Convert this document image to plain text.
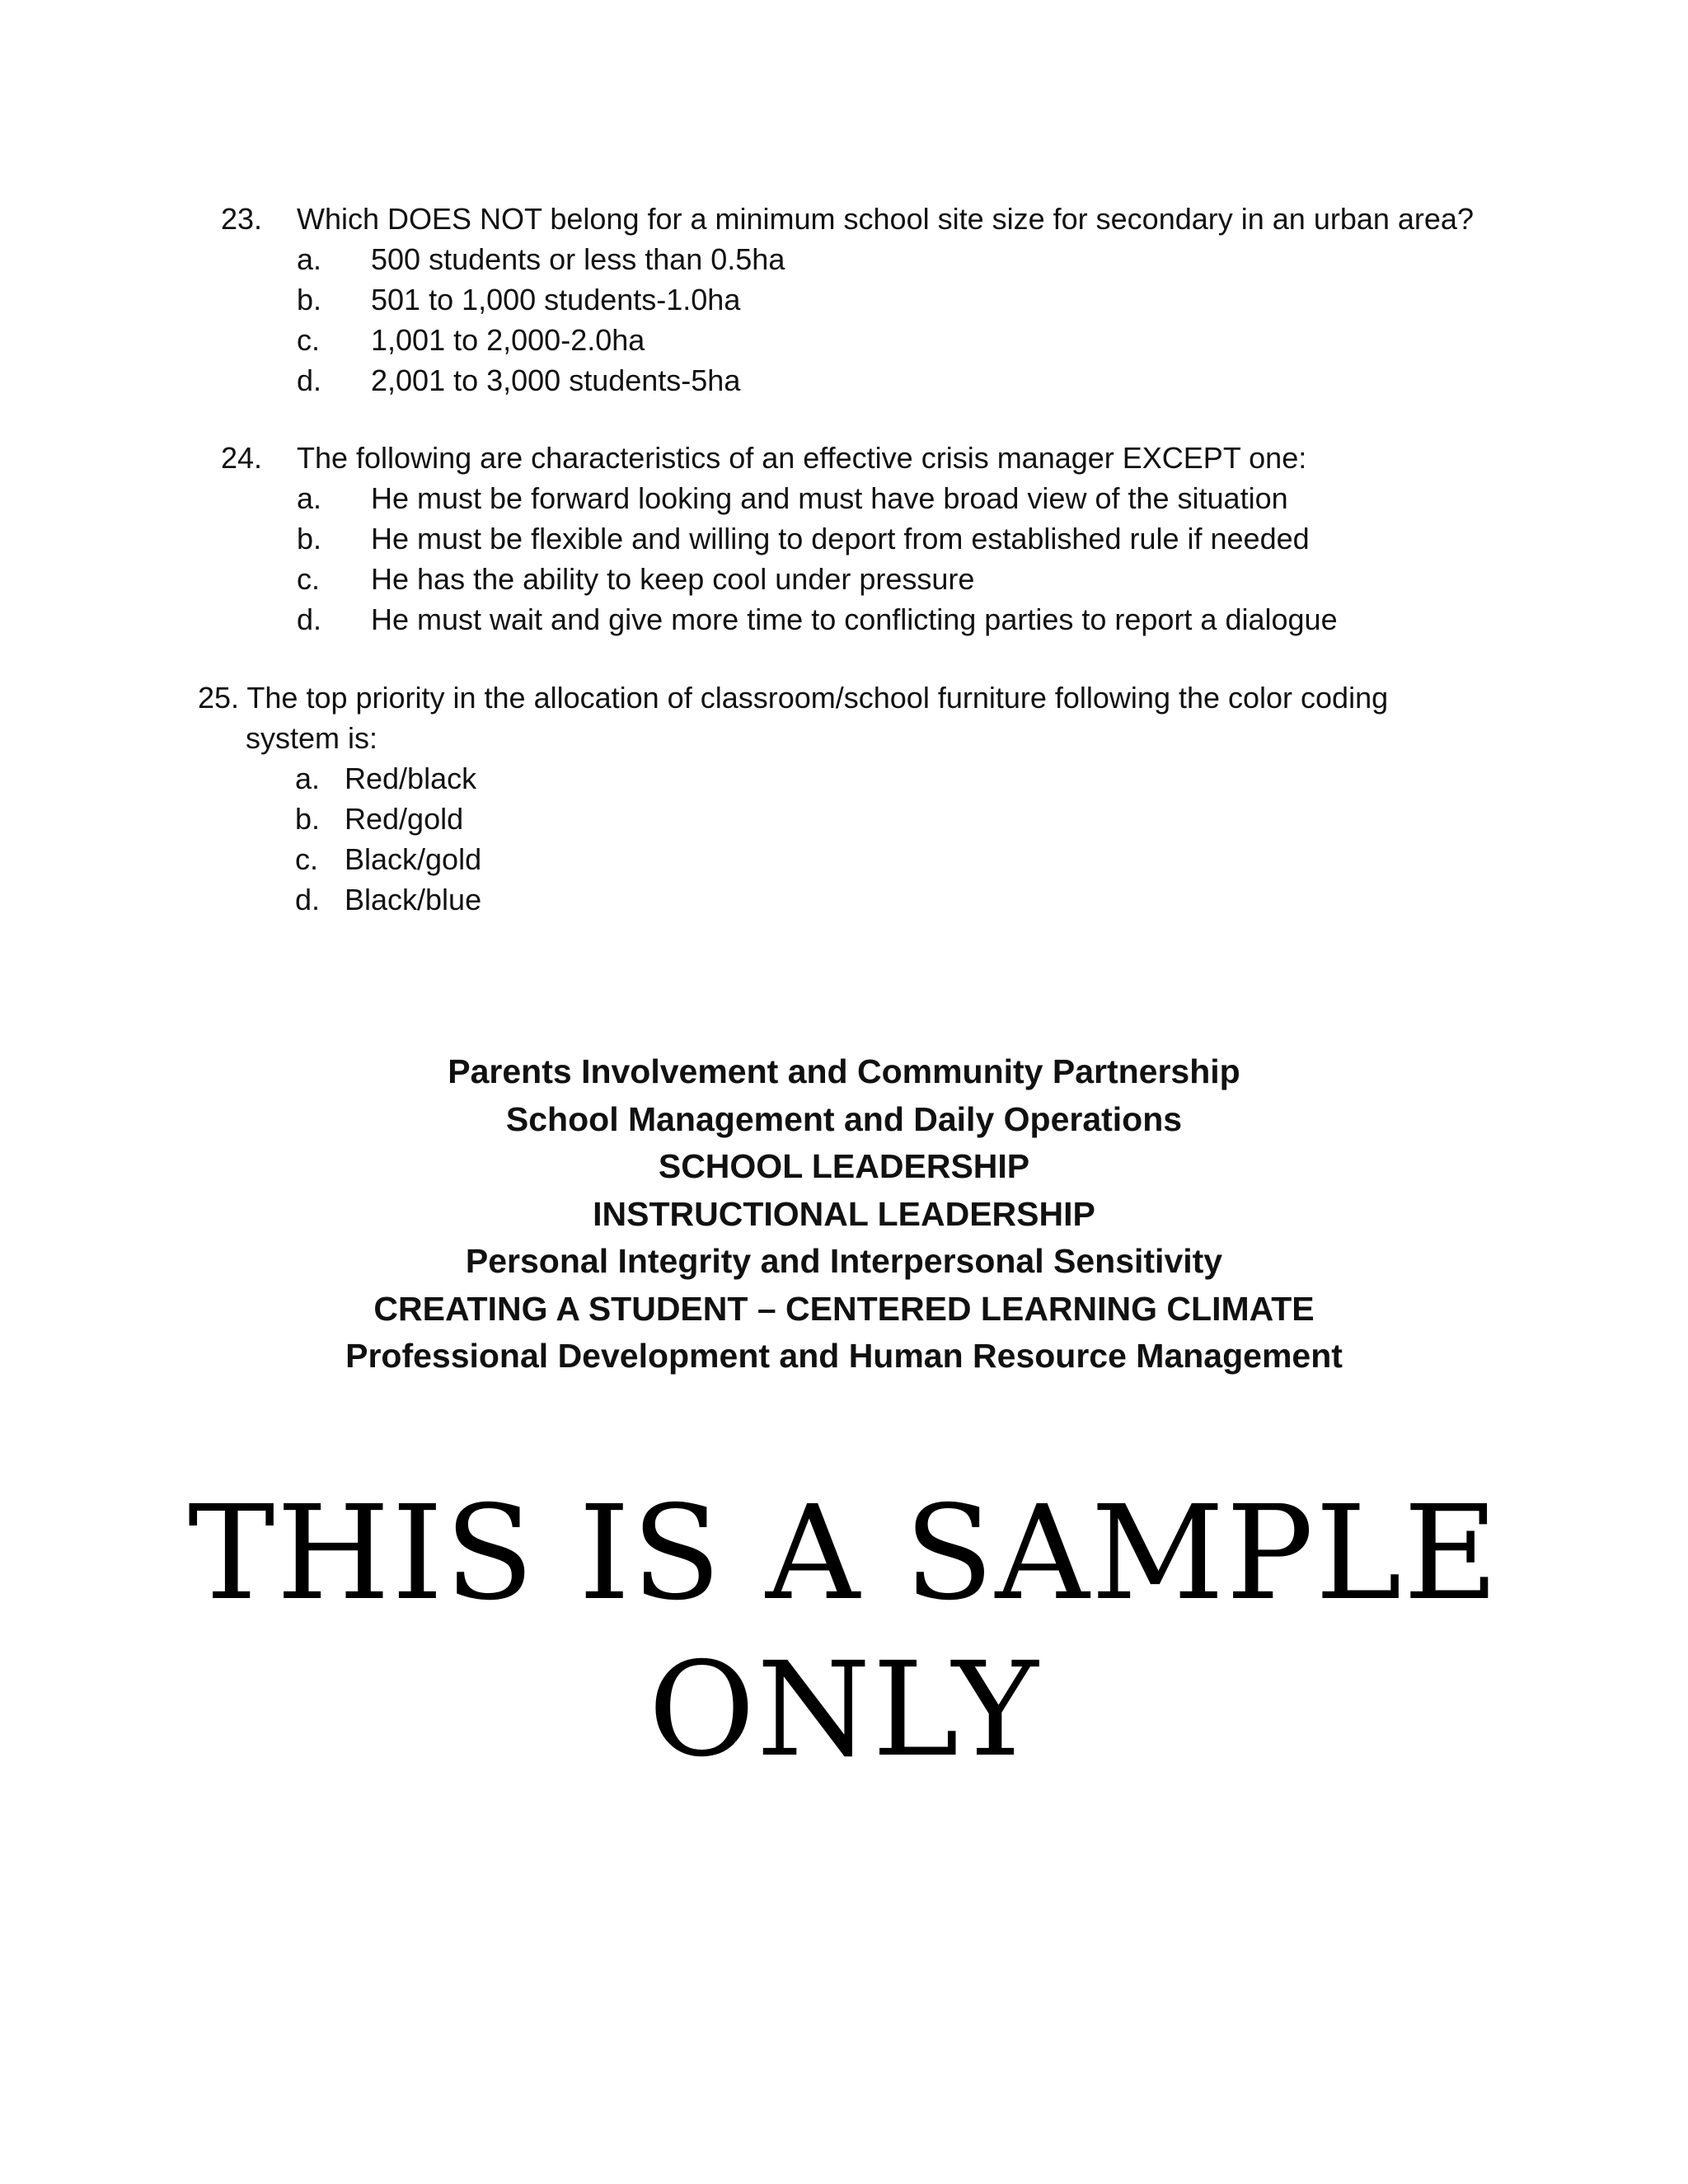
23. Which DOES NOT belong for a minimum school site size for secondary in an urban area?
a. 500 students or less than 0.5ha
b. 501 to 1,000 students-1.0ha
c. 1,001 to 2,000-2.0ha
d. 2,001 to 3,000 students-5ha
24. The following are characteristics of an effective crisis manager EXCEPT one:
a. He must be forward looking and must have broad view of the situation
b. He must be flexible and willing to deport from established rule if needed
c. He has the ability to keep cool under pressure
d. He must wait and give more time to conflicting parties to report a dialogue
25. The top priority in the allocation of classroom/school furniture following the color coding
system is:
a. Red/black
b. Red/gold
c. Black/gold
d. Black/blue
Parents Involvement and Community Partnership
School Management and Daily Operations
SCHOOL LEADERSHIP
INSTRUCTIONAL LEADERSHIP
Personal Integrity and Interpersonal Sensitivity
CREATING A STUDENT – CENTERED LEARNING CLIMATE
Professional Development and Human Resource Management
THIS IS A SAMPLE
ONLY
